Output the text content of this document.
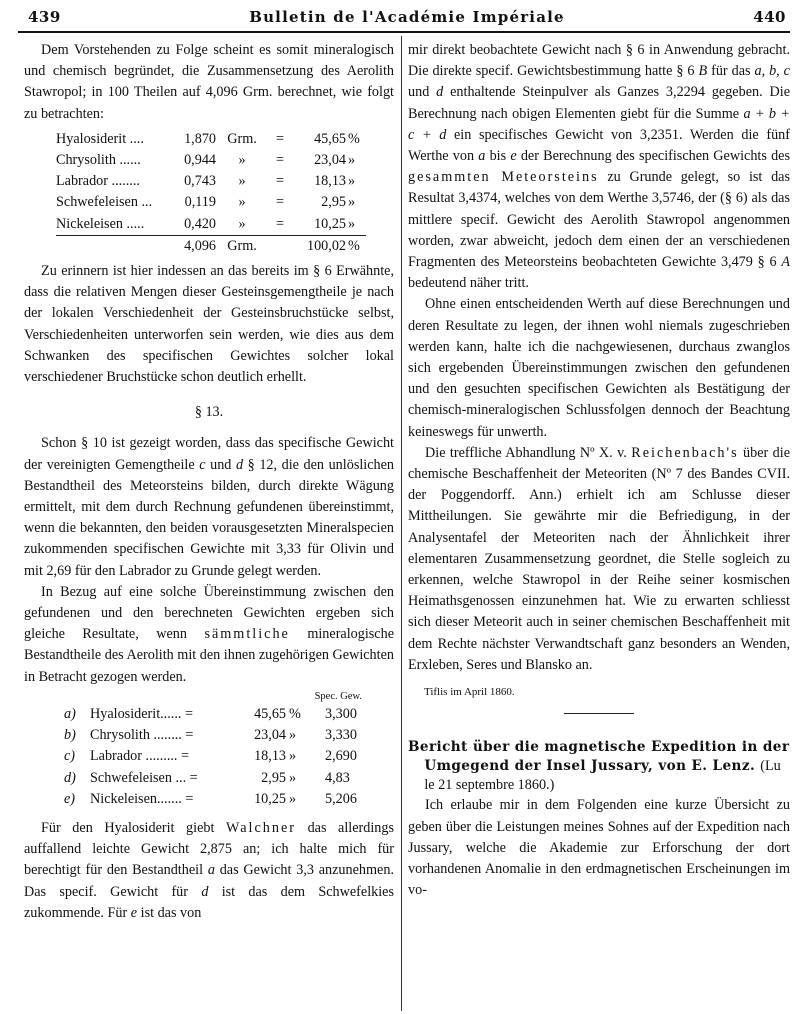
439	Bulletin de l'Académie Impériale	440

Dem Vorstehenden zu Folge scheint es somit mineralogisch und chemisch begründet, die Zusammensetzung des Aerolith Stawropol; in 100 Theilen auf 4,096 Grm. berechnet, wie folgt zu betrachten:

Hyalosiderit ....	1,870	Grm.	=	45,65	%
Chrysolith ......	0,944	»	=	23,04	»
Labrador ........	0,743	»	=	18,13	»
Schwefeleisen ...	0,119	»	=	2,95	»
Nickeleisen .....	0,420	»	=	10,25	»
	4,096	Grm.		100,02	%

Zu erinnern ist hier indessen an das bereits im § 6 Erwähnte, dass die relativen Mengen dieser Gesteinsgemengtheile je nach der lokalen Verschiedenheit der Gesteinsbruchstücke selbst, Verschiedenheiten unterworfen sein werden, wie dies aus dem Schwanken des specifischen Gewichtes solcher lokal verschiedener Bruchstücke schon deutlich erhellt.

§ 13.

Schon § 10 ist gezeigt worden, dass das specifische Gewicht der vereinigten Gemengtheile c und d § 12, die den unlöslichen Bestandtheil des Meteorsteins bilden, durch direkte Wägung ermittelt, mit dem durch Rechnung gefundenen übereinstimmt, wenn die bekannten, den beiden vorausgesetzten Mineralspecien zukommenden specifischen Gewichte mit 3,33 für Olivin und mit 2,69 für den Labrador zu Grunde gelegt werden.

In Bezug auf eine solche Übereinstimmung zwischen den gefundenen und den berechneten Gewichten ergeben sich gleiche Resultate, wenn sämmtliche mineralogische Bestandtheile des Aerolith mit den ihnen zugehörigen Gewichten in Betracht gezogen werden.

Spec. Gew.
a)	Hyalosiderit...... =	45,65	%	3,300
b)	Chrysolith ........ =	23,04	»	3,330
c)	Labrador ......... =	18,13	»	2,690
d)	Schwefeleisen ... =	2,95	»	4,83
e)	Nickeleisen....... =	10,25	»	5,206

Für den Hyalosiderit giebt Walchner das allerdings auffallend leichte Gewicht 2,875 an; ich halte mich für berechtigt für den Bestandtheil a das Gewicht 3,3 anzunehmen. Das specif. Gewicht für d ist das dem Schwefelkies zukommende. Für e ist das von

mir direkt beobachtete Gewicht nach § 6 in Anwendung gebracht. Die direkte specif. Gewichtsbestimmung hatte § 6 B für das a, b, c und d enthaltende Steinpulver als Ganzes 3,2294 gegeben. Die Berechnung nach obigen Elementen giebt für die Summe a + b + c + d ein specifisches Gewicht von 3,2351. Werden die fünf Werthe von a bis e der Berechnung des specifischen Gewichts des gesammten Meteorsteins zu Grunde gelegt, so ist das Resultat 3,4374, welches von dem Werthe 3,5746, der (§ 6) als das mittlere specif. Gewicht des Aerolith Stawropol angenommen worden, zwar abweicht, jedoch dem einen der an verschiedenen Fragmenten des Meteorsteins beobachteten Gewichte 3,479 § 6 A bedeutend näher tritt.

Ohne einen entscheidenden Werth auf diese Berechnungen und deren Resultate zu legen, der ihnen wohl niemals zugeschrieben werden kann, halte ich die nachgewiesenen, durchaus zwanglos sich ergebenden Übereinstimmungen zwischen den gefundenen und den gesuchten specifischen Gewichten als Bestätigung der chemisch-mineralogischen Schlussfolgen dennoch der Beachtung keineswegs für unwerth.

Die treffliche Abhandlung Nº X. v. Reichenbach's über die chemische Beschaffenheit der Meteoriten (Nº 7 des Bandes CVII. der Poggendorff. Ann.) erhielt ich am Schlusse dieser Mittheilungen. Sie gewährte mir die Befriedigung, in der Analysentafel der Meteoriten nach der Ähnlichkeit ihrer elementaren Zusammensetzung geordnet, die Stelle sogleich zu erkennen, welche Stawropol in der Reihe seiner kosmischen Heimathsgenossen einzunehmen hat. Wie zu erwarten schliesst sich dieser Meteorit auch in seiner chemischen Beschaffenheit mit dem Rechte nächster Verwandtschaft ganz besonders an Wenden, Erxleben, Seres und Blansko an.

Tiflis im April 1860.

Bericht über die magnetische Expedition in der Umgegend der Insel Jussary, von E. Lenz. (Lu le 21 septembre 1860.)

Ich erlaube mir in dem Folgenden eine kurze Übersicht zu geben über die Leistungen meines Sohnes auf der Expedition nach Jussary, welche die Akademie zur Erforschung der dort vorhandenen Anomalie in den erdmagnetischen Erscheinungen im vo-
